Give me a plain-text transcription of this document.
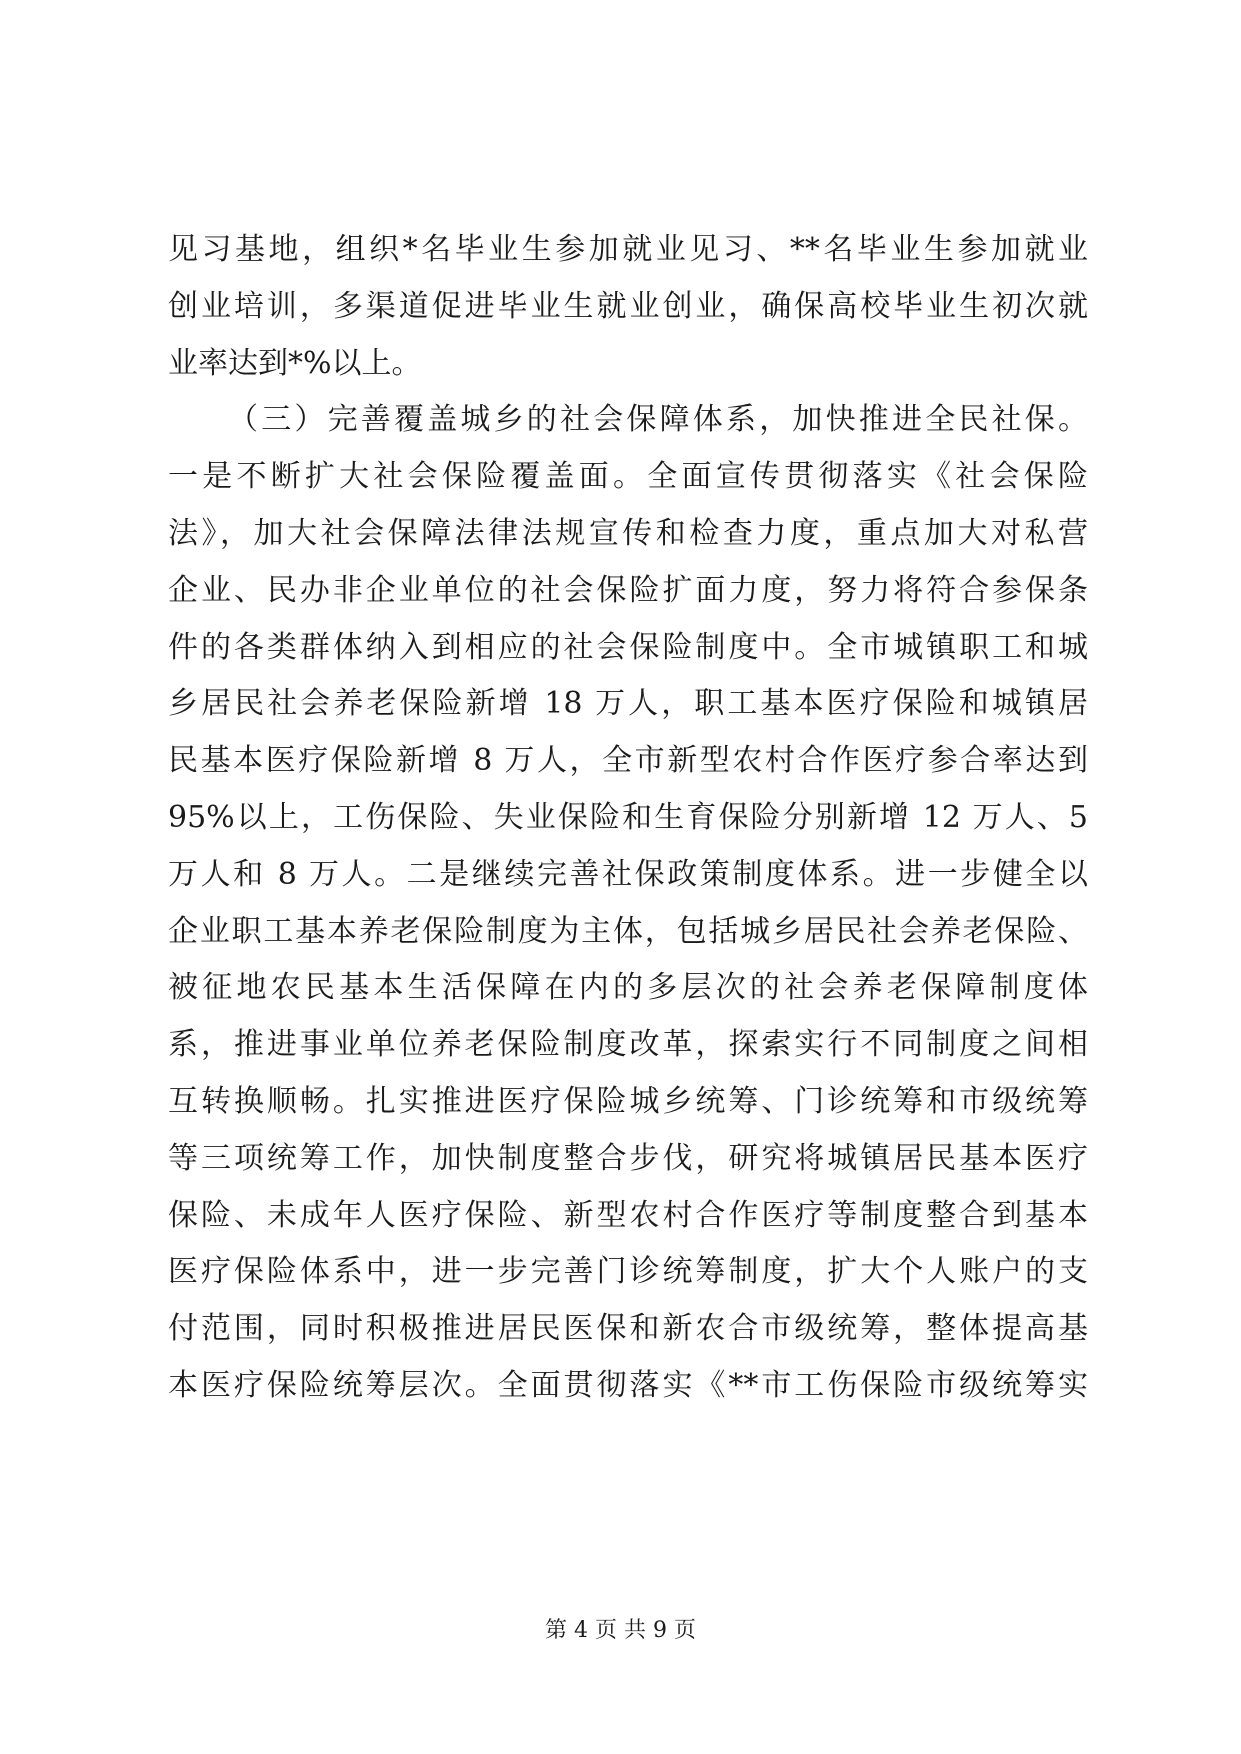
见习基地，组织*名毕业生参加就业见习、**名毕业生参加就业
创业培训，多渠道促进毕业生就业创业，确保高校毕业生初次就
业率达到*%以上。
（三）完善覆盖城乡的社会保障体系，加快推进全民社保。
一是不断扩大社会保险覆盖面。全面宣传贯彻落实《社会保险
法》，加大社会保障法律法规宣传和检查力度，重点加大对私营
企业、民办非企业单位的社会保险扩面力度，努力将符合参保条
件的各类群体纳入到相应的社会保险制度中。全市城镇职工和城
乡居民社会养老保险新增 18 万人，职工基本医疗保险和城镇居
民基本医疗保险新增 8 万人，全市新型农村合作医疗参合率达到
95%以上，工伤保险、失业保险和生育保险分别新增 12 万人、5
万人和 8 万人。二是继续完善社保政策制度体系。进一步健全以
企业职工基本养老保险制度为主体，包括城乡居民社会养老保险、
被征地农民基本生活保障在内的多层次的社会养老保障制度体
系，推进事业单位养老保险制度改革，探索实行不同制度之间相
互转换顺畅。扎实推进医疗保险城乡统筹、门诊统筹和市级统筹
等三项统筹工作，加快制度整合步伐，研究将城镇居民基本医疗
保险、未成年人医疗保险、新型农村合作医疗等制度整合到基本
医疗保险体系中，进一步完善门诊统筹制度，扩大个人账户的支
付范围，同时积极推进居民医保和新农合市级统筹，整体提高基
本医疗保险统筹层次。全面贯彻落实《**市工伤保险市级统筹实
第 4 页 共 9 页
